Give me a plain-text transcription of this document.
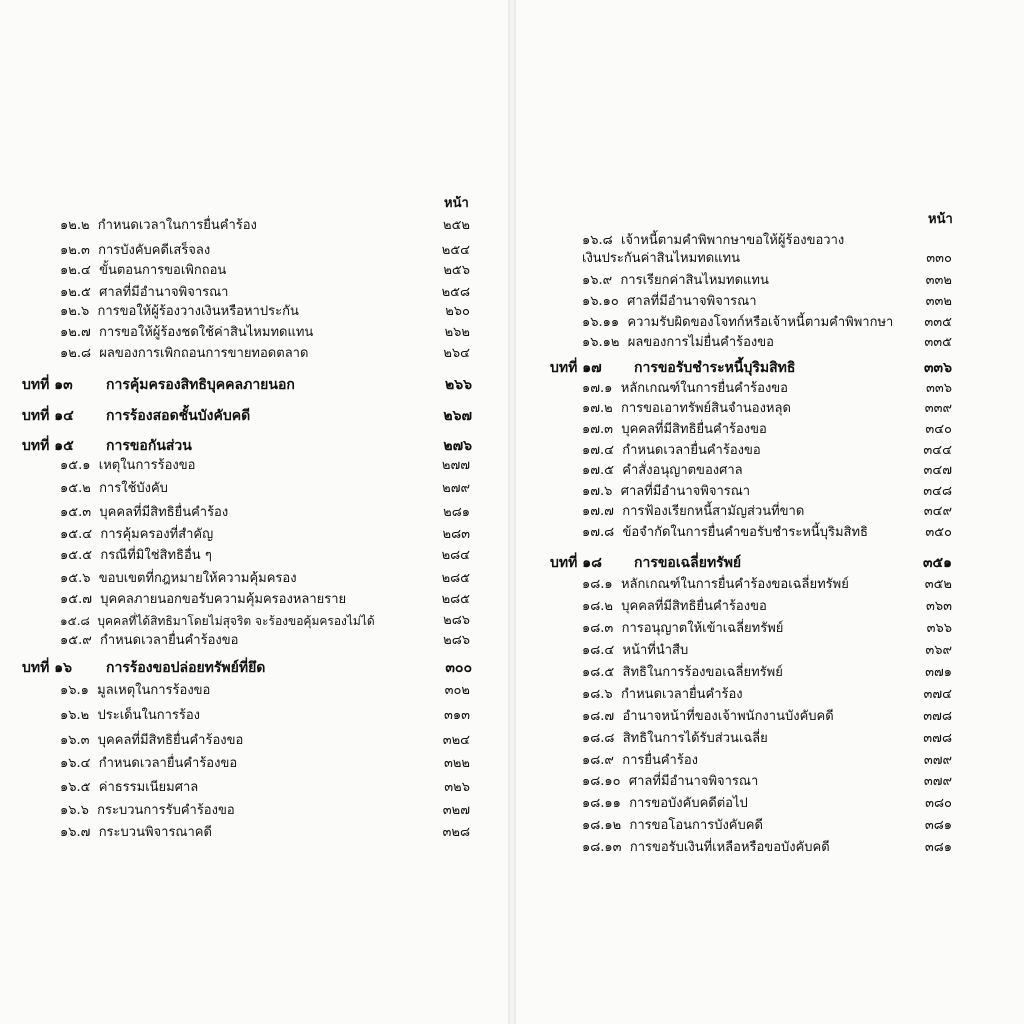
หน้า
๑๒.๒ กำหนดเวลาในการยื่นคำร้อง	๒๕๒
๑๒.๓ การบังคับคดีเสร็จลง	๒๕๔
๑๒.๔ ขั้นตอนการขอเพิกถอน	๒๕๖
๑๒.๕ ศาลที่มีอำนาจพิจารณา	๒๕๘
๑๒.๖ การขอให้ผู้ร้องวางเงินหรือหาประกัน	๒๖๐
๑๒.๗ การขอให้ผู้ร้องชดใช้ค่าสินไหมทดแทน	๒๖๒
๑๒.๘ ผลของการเพิกถอนการขายทอดตลาด	๒๖๔
บทที่ ๑๓ การคุ้มครองสิทธิบุคคลภายนอก	๒๖๖
บทที่ ๑๔ การร้องสอดชั้นบังคับคดี	๒๖๗
บทที่ ๑๕ การขอกันส่วน	๒๗๖
๑๕.๑ เหตุในการร้องขอ	๒๗๗
๑๕.๒ การใช้บังคับ	๒๗๙
๑๕.๓ บุคคลที่มีสิทธิยื่นคำร้อง	๒๘๑
๑๕.๔ การคุ้มครองที่สำคัญ	๒๘๓
๑๕.๕ กรณีที่มิใช่สิทธิอื่น ๆ	๒๘๔
๑๕.๖ ขอบเขตที่กฎหมายให้ความคุ้มครอง	๒๘๕
๑๕.๗ บุคคลภายนอกขอรับความคุ้มครองหลายราย	๒๘๕
๑๕.๘ บุคคลที่ได้สิทธิมาโดยไม่สุจริต จะร้องขอคุ้มครองไม่ได้	๒๘๖
๑๕.๙ กำหนดเวลายื่นคำร้องขอ	๒๘๖
บทที่ ๑๖ การร้องขอปล่อยทรัพย์ที่ยึด	๓๐๐
๑๖.๑ มูลเหตุในการร้องขอ	๓๐๒
๑๖.๒ ประเด็นในการร้อง	๓๑๓
๑๖.๓ บุคคลที่มีสิทธิยื่นคำร้องขอ	๓๒๔
๑๖.๔ กำหนดเวลายื่นคำร้องขอ	๓๒๒
๑๖.๕ ค่าธรรมเนียมศาล	๓๒๖
๑๖.๖ กระบวนการรับคำร้องขอ	๓๒๗
๑๖.๗ กระบวนพิจารณาคดี	๓๒๘
หน้า
๑๖.๘ เจ้าหนี้ตามคำพิพากษาขอให้ผู้ร้องขอวางเงินประกันค่าสินไหมทดแทน	๓๓๐
๑๖.๙ การเรียกค่าสินไหมทดแทน	๓๓๒
๑๖.๑๐ ศาลที่มีอำนาจพิจารณา	๓๓๒
๑๖.๑๑ ความรับผิดของโจทก์หรือเจ้าหนี้ตามคำพิพากษา ๓๓๕
๑๖.๑๒ ผลของการไม่ยื่นคำร้องขอ	๓๓๕
บทที่ ๑๗ การขอรับชำระหนี้บุริมสิทธิ	๓๓๖
๑๗.๑ หลักเกณฑ์ในการยื่นคำร้องขอ	๓๓๖
๑๗.๒ การขอเอาทรัพย์สินจำนองหลุด	๓๓๙
๑๗.๓ บุคคลที่มีสิทธิยื่นคำร้องขอ	๓๔๐
๑๗.๔ กำหนดเวลายื่นคำร้องขอ	๓๔๔
๑๗.๕ คำสั่งอนุญาตของศาล	๓๔๗
๑๗.๖ ศาลที่มีอำนาจพิจารณา	๓๔๘
๑๗.๗ การฟ้องเรียกหนี้สามัญส่วนที่ขาด	๓๔๙
๑๗.๘ ข้อจำกัดในการยื่นคำขอรับชำระหนี้บุริมสิทธิ	๓๕๐
บทที่ ๑๘ การขอเฉลี่ยทรัพย์	๓๕๑
๑๘.๑ หลักเกณฑ์ในการยื่นคำร้องขอเฉลี่ยทรัพย์	๓๕๒
๑๘.๒ บุคคลที่มีสิทธิยื่นคำร้องขอ	๓๖๓
๑๘.๓ การอนุญาตให้เข้าเฉลี่ยทรัพย์	๓๖๖
๑๘.๔ หน้าที่นำสืบ	๓๖๙
๑๘.๕ สิทธิในการร้องขอเฉลี่ยทรัพย์	๓๗๑
๑๘.๖ กำหนดเวลายื่นคำร้อง	๓๗๔
๑๘.๗ อำนาจหน้าที่ของเจ้าพนักงานบังคับคดี	๓๗๘
๑๘.๘ สิทธิในการได้รับส่วนเฉลี่ย	๓๗๘
๑๘.๙ การยื่นคำร้อง	๓๗๙
๑๘.๑๐ ศาลที่มีอำนาจพิจารณา	๓๗๙
๑๘.๑๑ การขอบังคับคดีต่อไป	๓๘๐
๑๘.๑๒ การขอโอนการบังคับคดี	๓๘๑
๑๘.๑๓ การขอรับเงินที่เหลือหรือขอบังคับคดี	๓๘๑
